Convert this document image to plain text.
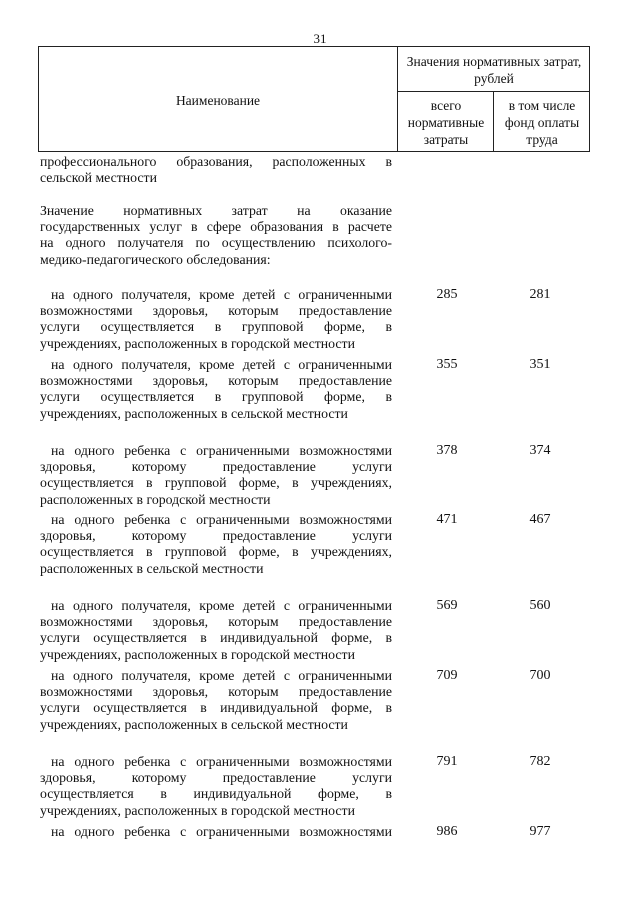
31
Наименование
Значения нормативных затрат, рублей
всего нормативные затраты
в том числе фонд оплаты труда
профессионального образования, расположенных в
сельской местности
Значение нормативных затрат на оказание
государственных услуг в сфере образования в расчете
на одного получателя по осуществлению психолого-
медико-педагогического обследования:
на одного получателя, кроме детей с ограниченными
возможностями здоровья, которым предоставление
услуги осуществляется в групповой форме, в
учреждениях, расположенных в городской местности
285	281
на одного получателя, кроме детей с ограниченными
возможностями здоровья, которым предоставление
услуги осуществляется в групповой форме, в
учреждениях, расположенных в сельской местности
355	351
на одного ребенка с ограниченными возможностями
здоровья, которому предоставление услуги
осуществляется в групповой форме, в учреждениях,
расположенных в городской местности
378	374
на одного ребенка с ограниченными возможностями
здоровья, которому предоставление услуги
осуществляется в групповой форме, в учреждениях,
расположенных в сельской местности
471	467
на одного получателя, кроме детей с ограниченными
возможностями здоровья, которым предоставление
услуги осуществляется в индивидуальной форме, в
учреждениях, расположенных в городской местности
569	560
на одного получателя, кроме детей с ограниченными
возможностями здоровья, которым предоставление
услуги осуществляется в индивидуальной форме, в
учреждениях, расположенных в сельской местности
709	700
на одного ребенка с ограниченными возможностями
здоровья, которому предоставление услуги
осуществляется в индивидуальной форме, в
учреждениях, расположенных в городской местности
791	782
на одного ребенка с ограниченными возможностями	986	977
